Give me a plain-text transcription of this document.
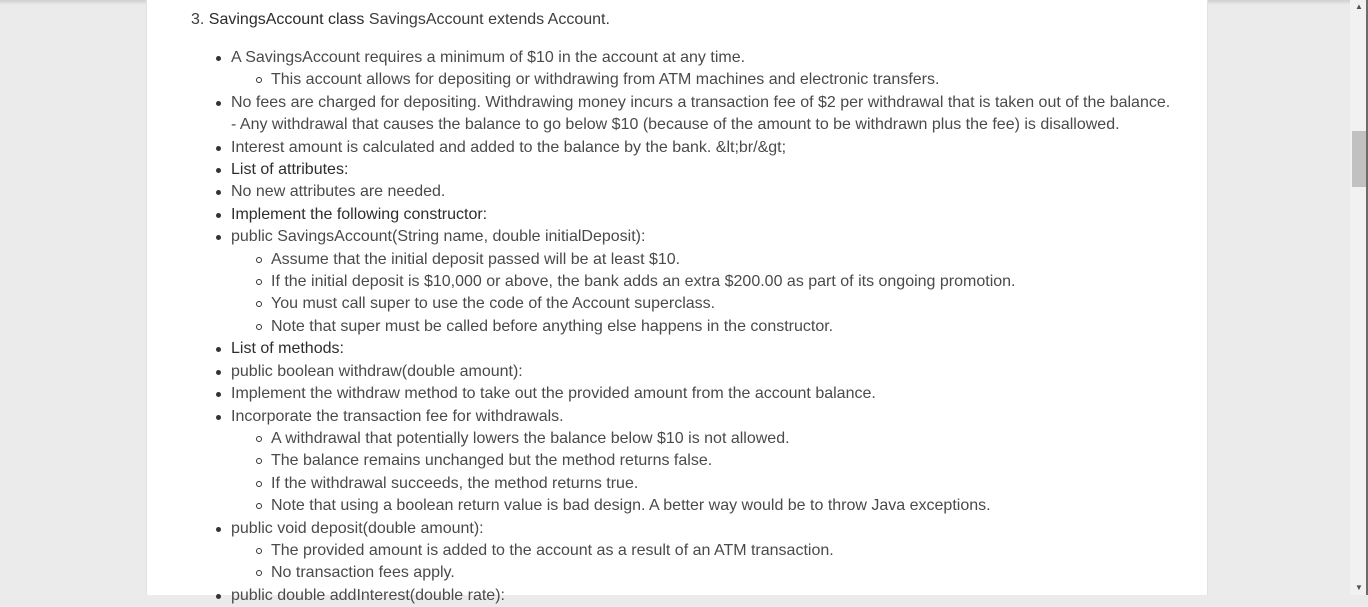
3. SavingsAccount class SavingsAccount extends Account.
A SavingsAccount requires a minimum of $10 in the account at any time.
This account allows for depositing or withdrawing from ATM machines and electronic transfers.
No fees are charged for depositing. Withdrawing money incurs a transaction fee of $2 per withdrawal that is taken out of the balance.
- Any withdrawal that causes the balance to go below $10 (because of the amount to be withdrawn plus the fee) is disallowed.
Interest amount is calculated and added to the balance by the bank. &lt;br/&gt;
List of attributes:
No new attributes are needed.
Implement the following constructor:
public SavingsAccount(String name, double initialDeposit):
Assume that the initial deposit passed will be at least $10.
If the initial deposit is $10,000 or above, the bank adds an extra $200.00 as part of its ongoing promotion.
You must call super to use the code of the Account superclass.
Note that super must be called before anything else happens in the constructor.
List of methods:
public boolean withdraw(double amount):
Implement the withdraw method to take out the provided amount from the account balance.
Incorporate the transaction fee for withdrawals.
A withdrawal that potentially lowers the balance below $10 is not allowed.
The balance remains unchanged but the method returns false.
If the withdrawal succeeds, the method returns true.
Note that using a boolean return value is bad design. A better way would be to throw Java exceptions.
public void deposit(double amount):
The provided amount is added to the account as a result of an ATM transaction.
No transaction fees apply.
public double addInterest(double rate):
▲
▼
